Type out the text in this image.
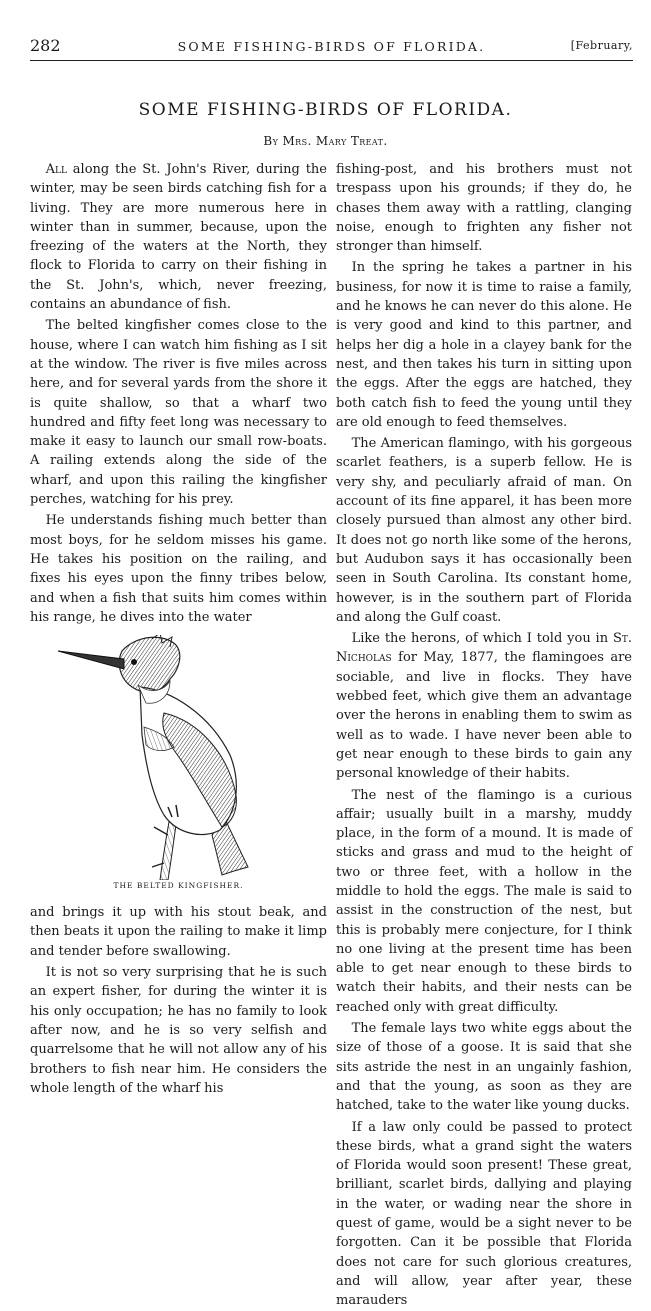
282	SOME FISHING-BIRDS OF FLORIDA.	[February,
SOME FISHING-BIRDS OF FLORIDA.
By Mrs. Mary Treat.

All along the St. John's River, during the winter, may be seen birds catching fish for a living. They are more numerous here in winter than in summer, because, upon the freezing of the waters at the North, they flock to Florida to carry on their fishing in the St. John's, which, never freezing, contains an abundance of fish.

The belted kingfisher comes close to the house, where I can watch him fishing as I sit at the window. The river is five miles across here, and for several yards from the shore it is quite shallow, so that a wharf two hundred and fifty feet long was necessary to make it easy to launch our small row-boats. A railing extends along the side of the wharf, and upon this railing the kingfisher perches, watching for his prey.

He understands fishing much better than most boys, for he seldom misses his game. He takes his position on the railing, and fixes his eyes upon the finny tribes below, and when a fish that suits him comes within his range, he dives into the water

THE BELTED KINGFISHER.

and brings it up with his stout beak, and then beats it upon the railing to make it limp and tender before swallowing.

It is not so very surprising that he is such an expert fisher, for during the winter it is his only occupation; he has no family to look after now, and he is so very selfish and quarrelsome that he will not allow any of his brothers to fish near him. He considers the whole length of the wharf his

fishing-post, and his brothers must not trespass upon his grounds; if they do, he chases them away with a rattling, clanging noise, enough to frighten any fisher not stronger than himself.

In the spring he takes a partner in his business, for now it is time to raise a family, and he knows he can never do this alone. He is very good and kind to this partner, and helps her dig a hole in a clayey bank for the nest, and then takes his turn in sitting upon the eggs. After the eggs are hatched, they both catch fish to feed the young until they are old enough to feed themselves.

The American flamingo, with his gorgeous scarlet feathers, is a superb fellow. He is very shy, and peculiarly afraid of man. On account of its fine apparel, it has been more closely pursued than almost any other bird. It does not go north like some of the herons, but Audubon says it has occasionally been seen in South Carolina. Its constant home, however, is in the southern part of Florida and along the Gulf coast.

Like the herons, of which I told you in St. Nicholas for May, 1877, the flamingoes are sociable, and live in flocks. They have webbed feet, which give them an advantage over the herons in enabling them to swim as well as to wade. I have never been able to get near enough to these birds to gain any personal knowledge of their habits.

The nest of the flamingo is a curious affair; usually built in a marshy, muddy place, in the form of a mound. It is made of sticks and grass and mud to the height of two or three feet, with a hollow in the middle to hold the eggs. The male is said to assist in the construction of the nest, but this is probably mere conjecture, for I think no one living at the present time has been able to get near enough to these birds to watch their habits, and their nests can be reached only with great difficulty.

The female lays two white eggs about the size of those of a goose. It is said that she sits astride the nest in an ungainly fashion, and that the young, as soon as they are hatched, take to the water like young ducks.

If a law only could be passed to protect these birds, what a grand sight the waters of Florida would soon present! These great, brilliant, scarlet birds, dallying and playing in the water, or wading near the shore in quest of game, would be a sight never to be forgotten. Can it be possible that Florida does not care for such glorious creatures, and will allow, year after year, these marauders
